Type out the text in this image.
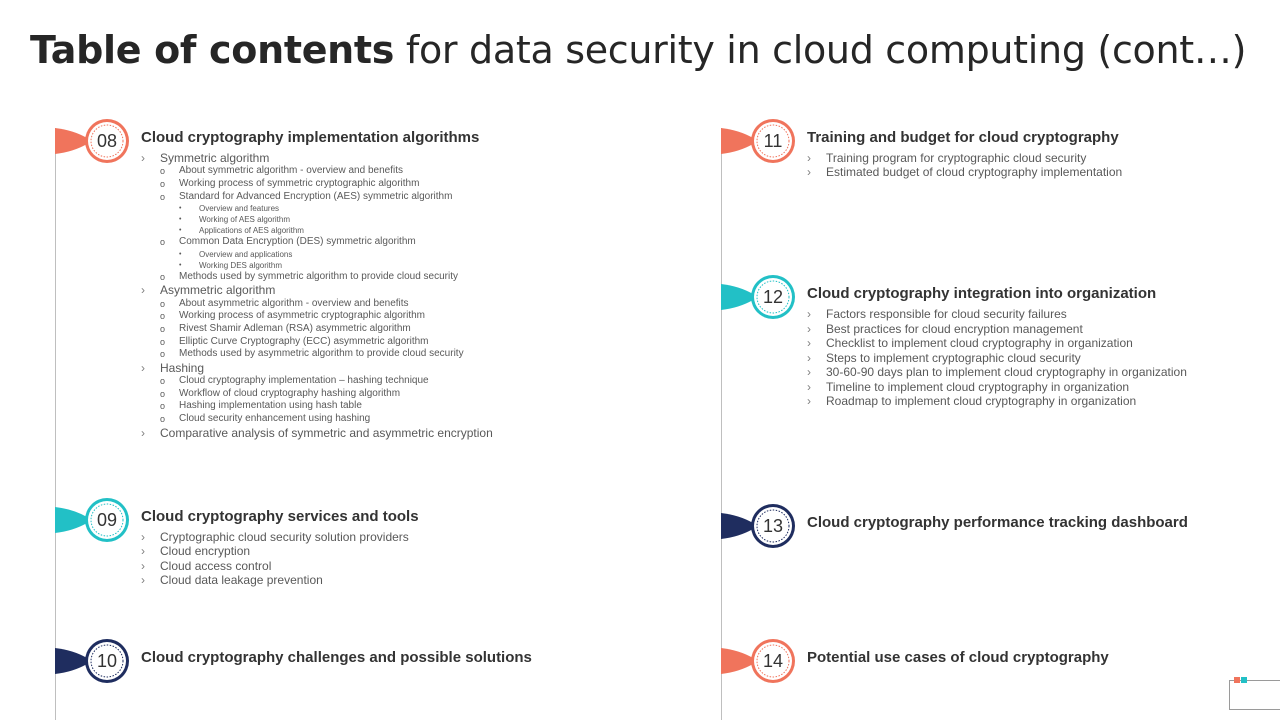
Table of contents for data security in cloud computing (cont…)
08 Cloud cryptography implementation algorithms
› Symmetric algorithm
o About symmetric algorithm - overview and benefits
o Working process of symmetric cryptographic algorithm
o Standard for Advanced Encryption (AES) symmetric algorithm
• Overview and features
• Working of AES algorithm
• Applications of AES algorithm
o Common Data Encryption (DES) symmetric algorithm
• Overview and applications
• Working DES algorithm
o Methods used by symmetric algorithm to provide cloud security
› Asymmetric algorithm
o About asymmetric algorithm - overview and benefits
o Working process of asymmetric cryptographic algorithm
o Rivest Shamir Adleman (RSA) asymmetric algorithm
o Elliptic Curve Cryptography (ECC) asymmetric algorithm
o Methods used by asymmetric algorithm to provide cloud security
› Hashing
o Cloud cryptography implementation – hashing technique
o Workflow of cloud cryptography hashing algorithm
o Hashing implementation using hash table
o Cloud security enhancement using hashing
› Comparative analysis of symmetric and asymmetric encryption
09 Cloud cryptography services and tools
› Cryptographic cloud security solution providers
› Cloud encryption
› Cloud access control
› Cloud data leakage prevention
10 Cloud cryptography challenges and possible solutions
11 Training and budget for cloud cryptography
› Training program for cryptographic cloud security
› Estimated budget of cloud cryptography implementation
12 Cloud cryptography integration into organization
› Factors responsible for cloud security failures
› Best practices for cloud encryption management
› Checklist to implement cloud cryptography in organization
› Steps to implement cryptographic cloud security
› 30-60-90 days plan to implement cloud cryptography in organization
› Timeline to implement cloud cryptography in organization
› Roadmap to implement cloud cryptography in organization
13 Cloud cryptography performance tracking dashboard
14 Potential use cases of cloud cryptography
